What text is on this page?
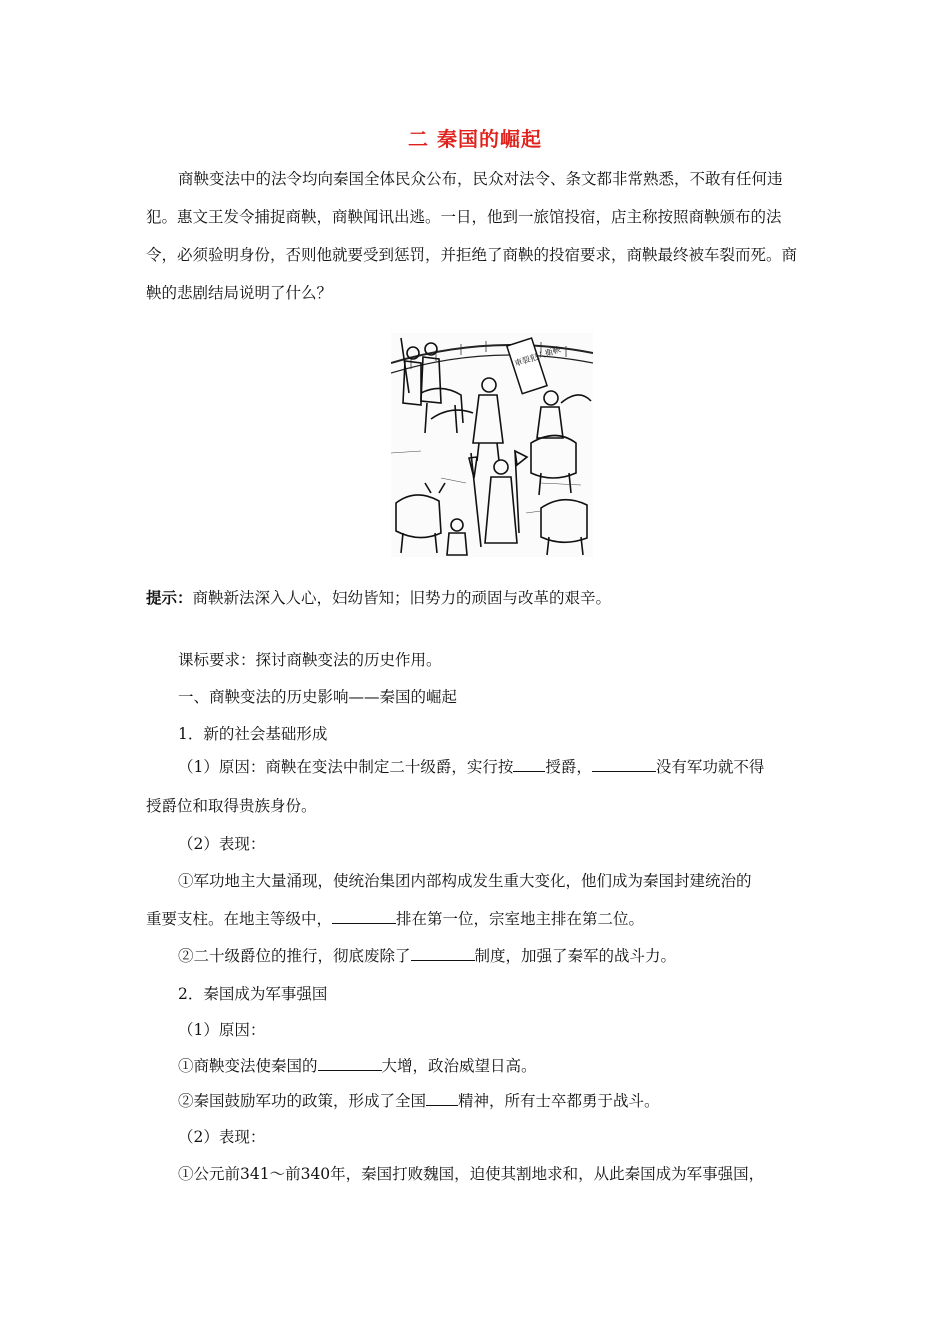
二 秦国的崛起

商鞅变法中的法令均向秦国全体民众公布，民众对法令、条文都非常熟悉，不敢有任何违犯。惠文王发令捕捉商鞅，商鞅闻讯出逃。一日，他到一旅馆投宿，店主称按照商鞅颁布的法令，必须验明身份，否则他就要受到惩罚，并拒绝了商鞅的投宿要求，商鞅最终被车裂而死。商鞅的悲剧结局说明了什么？

車裂犯人衛鞅
提示：商鞅新法深入人心，妇幼皆知；旧势力的顽固与改革的艰辛。
课标要求：探讨商鞅变法的历史作用。
一、商鞅变法的历史影响——秦国的崛起
1．新的社会基础形成
（1）原因：商鞅在变法中制定二十级爵，实行按 授爵，	没有军功就不得
授爵位和取得贵族身份。
（2）表现：
①军功地主大量涌现，使统治集团内部构成发生重大变化，他们成为秦国封建统治的
重要支柱。在地主等级中，	排在第一位，宗室地主排在第二位。
②二十级爵位的推行，彻底废除了	制度，加强了秦军的战斗力。
2．秦国成为军事强国
（1）原因：
①商鞅变法使秦国的	大增，政治威望日高。
②秦国鼓励军功的政策，形成了全国 精神，所有士卒都勇于战斗。
（2）表现：
①公元前341～前340年，秦国打败魏国，迫使其割地求和，从此秦国成为军事强国，
